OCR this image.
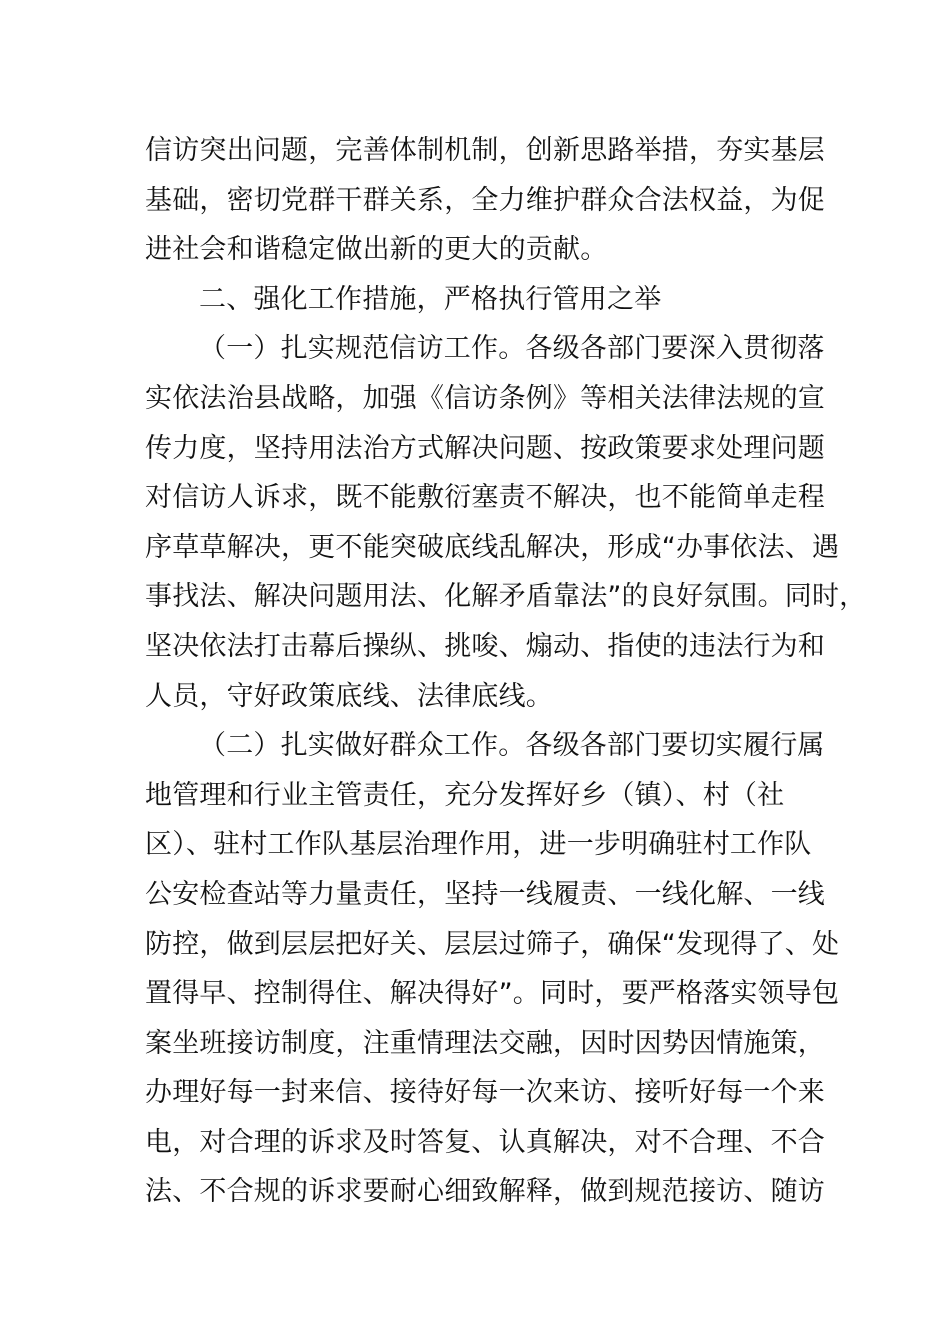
信访突出问题，完善体制机制，创新思路举措，夯实基层
基础，密切党群干群关系，全力维护群众合法权益，为促
进社会和谐稳定做出新的更大的贡献。
二、强化工作措施，严格执行管用之举
（一）扎实规范信访工作。各级各部门要深入贯彻落
实依法治县战略，加强《信访条例》等相关法律法规的宣
传力度，坚持用法治方式解决问题、按政策要求处理问题
对信访人诉求，既不能敷衍塞责不解决，也不能简单走程
序草草解决，更不能突破底线乱解决，形成“办事依法、遇
事找法、解决问题用法、化解矛盾靠法”的良好氛围。同时，
坚决依法打击幕后操纵、挑唆、煽动、指使的违法行为和
人员，守好政策底线、法律底线。
（二）扎实做好群众工作。各级各部门要切实履行属
地管理和行业主管责任，充分发挥好乡（镇）、村（社
区）、驻村工作队基层治理作用，进一步明确驻村工作队
公安检查站等力量责任，坚持一线履责、一线化解、一线
防控，做到层层把好关、层层过筛子，确保“发现得了、处
置得早、控制得住、解决得好”。同时，要严格落实领导包
案坐班接访制度，注重情理法交融，因时因势因情施策，
办理好每一封来信、接待好每一次来访、接听好每一个来
电，对合理的诉求及时答复、认真解决，对不合理、不合
法、不合规的诉求要耐心细致解释，做到规范接访、随访
